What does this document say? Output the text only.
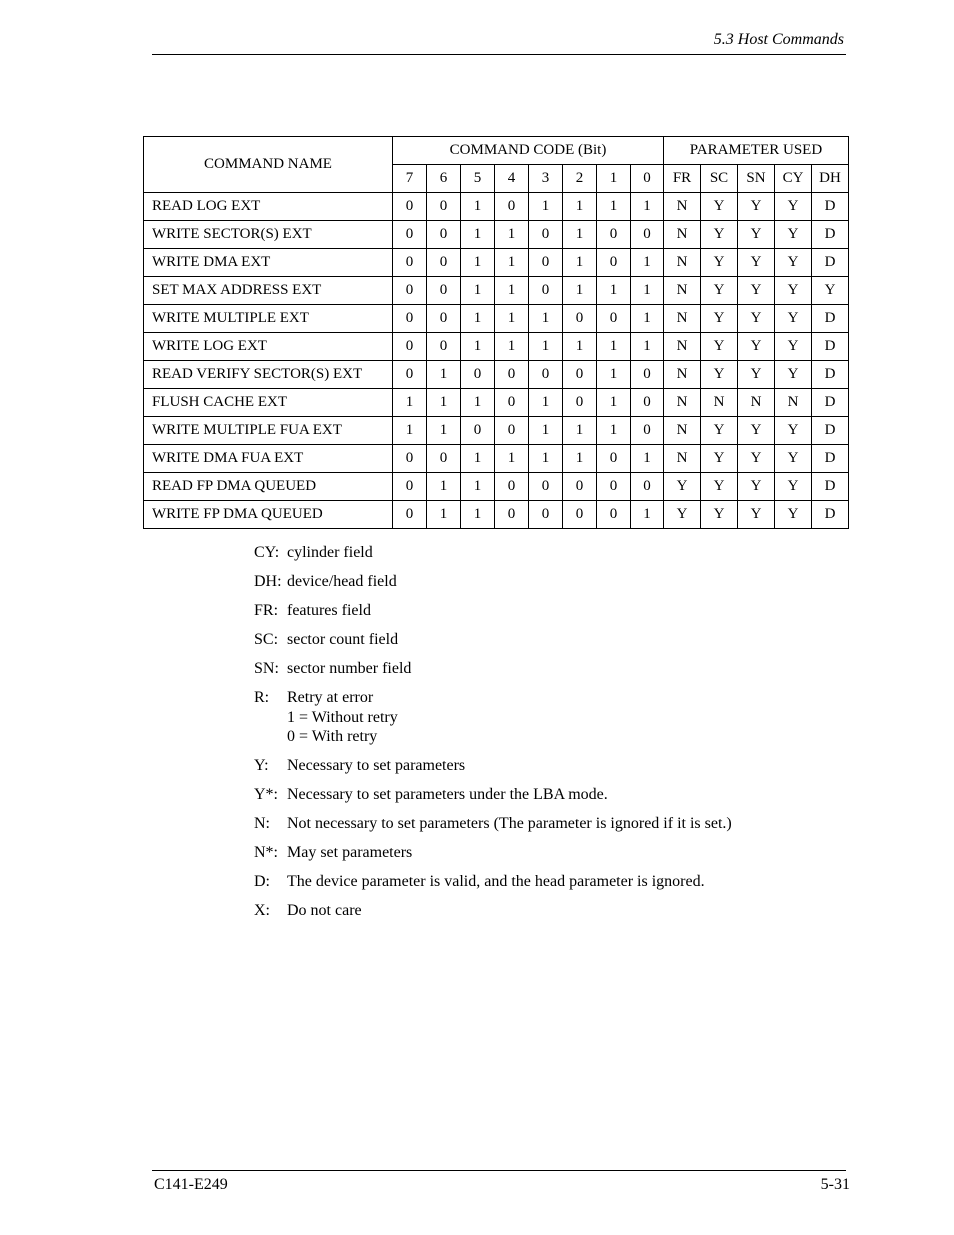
5.3 Host Commands
COMMAND NAME	COMMAND CODE (Bit)								PARAMETER USED				
	7	6	5	4	3	2	1	0	FR	SC	SN	CY	DH
READ LOG EXT	0	0	1	0	1	1	1	1	N	Y	Y	Y	D
WRITE SECTOR(S) EXT	0	0	1	1	0	1	0	0	N	Y	Y	Y	D
WRITE DMA EXT	0	0	1	1	0	1	0	1	N	Y	Y	Y	D
SET MAX ADDRESS EXT	0	0	1	1	0	1	1	1	N	Y	Y	Y	Y
WRITE MULTIPLE EXT	0	0	1	1	1	0	0	1	N	Y	Y	Y	D
WRITE LOG EXT	0	0	1	1	1	1	1	1	N	Y	Y	Y	D
READ VERIFY SECTOR(S) EXT	0	1	0	0	0	0	1	0	N	Y	Y	Y	D
FLUSH CACHE EXT	1	1	1	0	1	0	1	0	N	N	N	N	D
WRITE MULTIPLE FUA EXT	1	1	0	0	1	1	1	0	N	Y	Y	Y	D
WRITE DMA FUA EXT	0	0	1	1	1	1	0	1	N	Y	Y	Y	D
READ FP DMA QUEUED	0	1	1	0	0	0	0	0	Y	Y	Y	Y	D
WRITE FP DMA QUEUED	0	1	1	0	0	0	0	1	Y	Y	Y	Y	D
CY: cylinder field
DH: device/head field
FR: features field
SC: sector count field
SN: sector number field
R:	Retry at error
1 = Without retry
0 = With retry
Y:	Necessary to set parameters
Y*: Necessary to set parameters under the LBA mode.
N:	Not necessary to set parameters (The parameter is ignored if it is set.)
N*: May set parameters
D:	The device parameter is valid, and the head parameter is ignored.
X:	Do not care
C141-E249	5-31
